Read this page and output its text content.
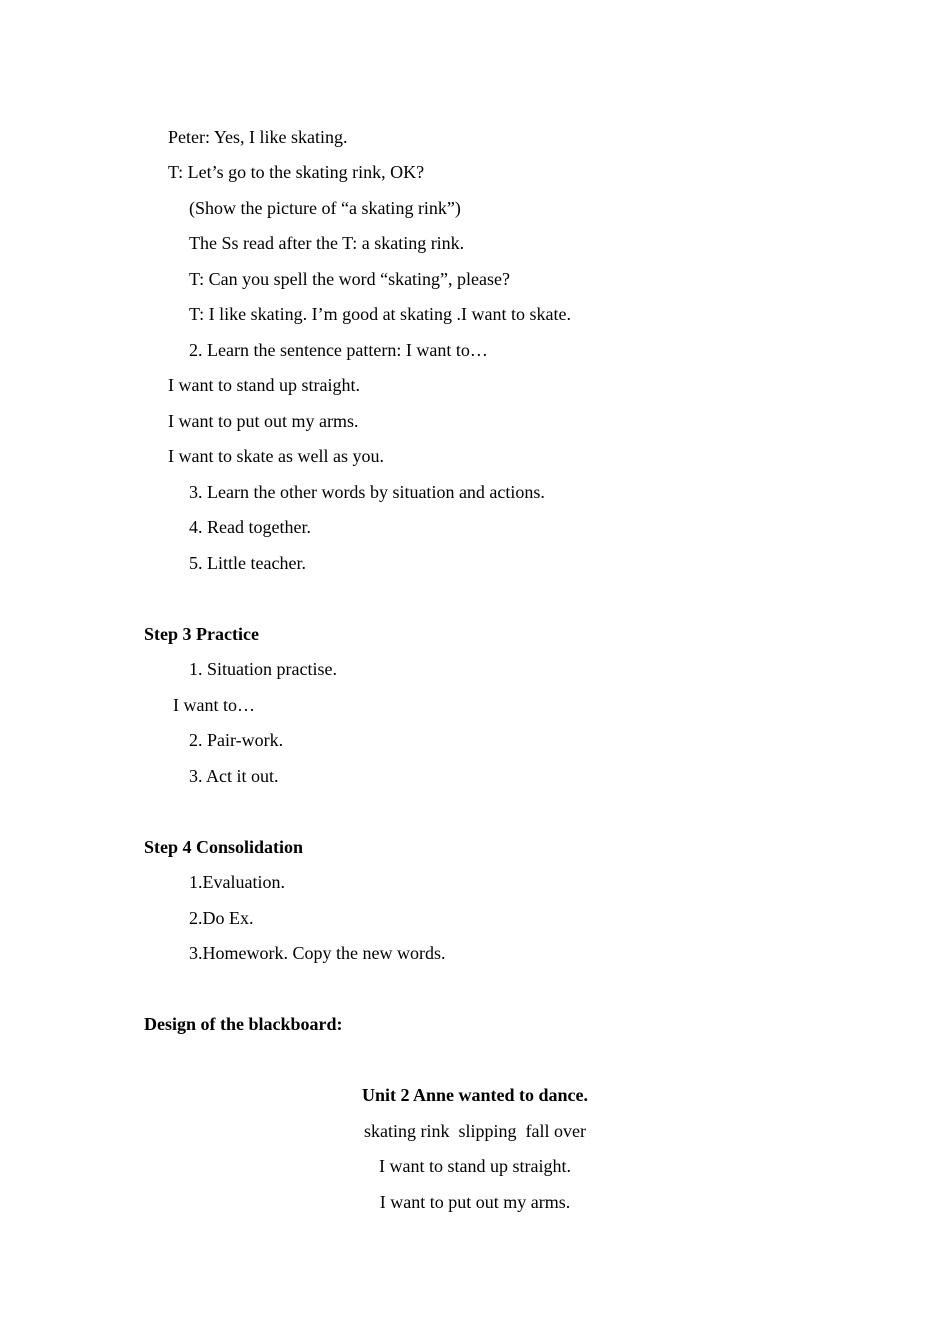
Peter: Yes, I like skating.
T: Let’s go to the skating rink, OK?
(Show the picture of “a skating rink”)
The Ss read after the T: a skating rink.
T: Can you spell the word “skating”, please?
T: I like skating. I’m good at skating .I want to skate.
2. Learn the sentence pattern: I want to…
I want to stand up straight.
I want to put out my arms.
I want to skate as well as you.
3. Learn the other words by situation and actions.
4. Read together.
5. Little teacher.
Step 3 Practice
1. Situation practise.
I want to…
2. Pair-work.
3. Act it out.
Step 4 Consolidation
1.Evaluation.
2.Do Ex.
3.Homework. Copy the new words.
Design of the blackboard:
Unit 2 Anne wanted to dance.
skating rink  slipping  fall over
I want to stand up straight.
I want to put out my arms.
